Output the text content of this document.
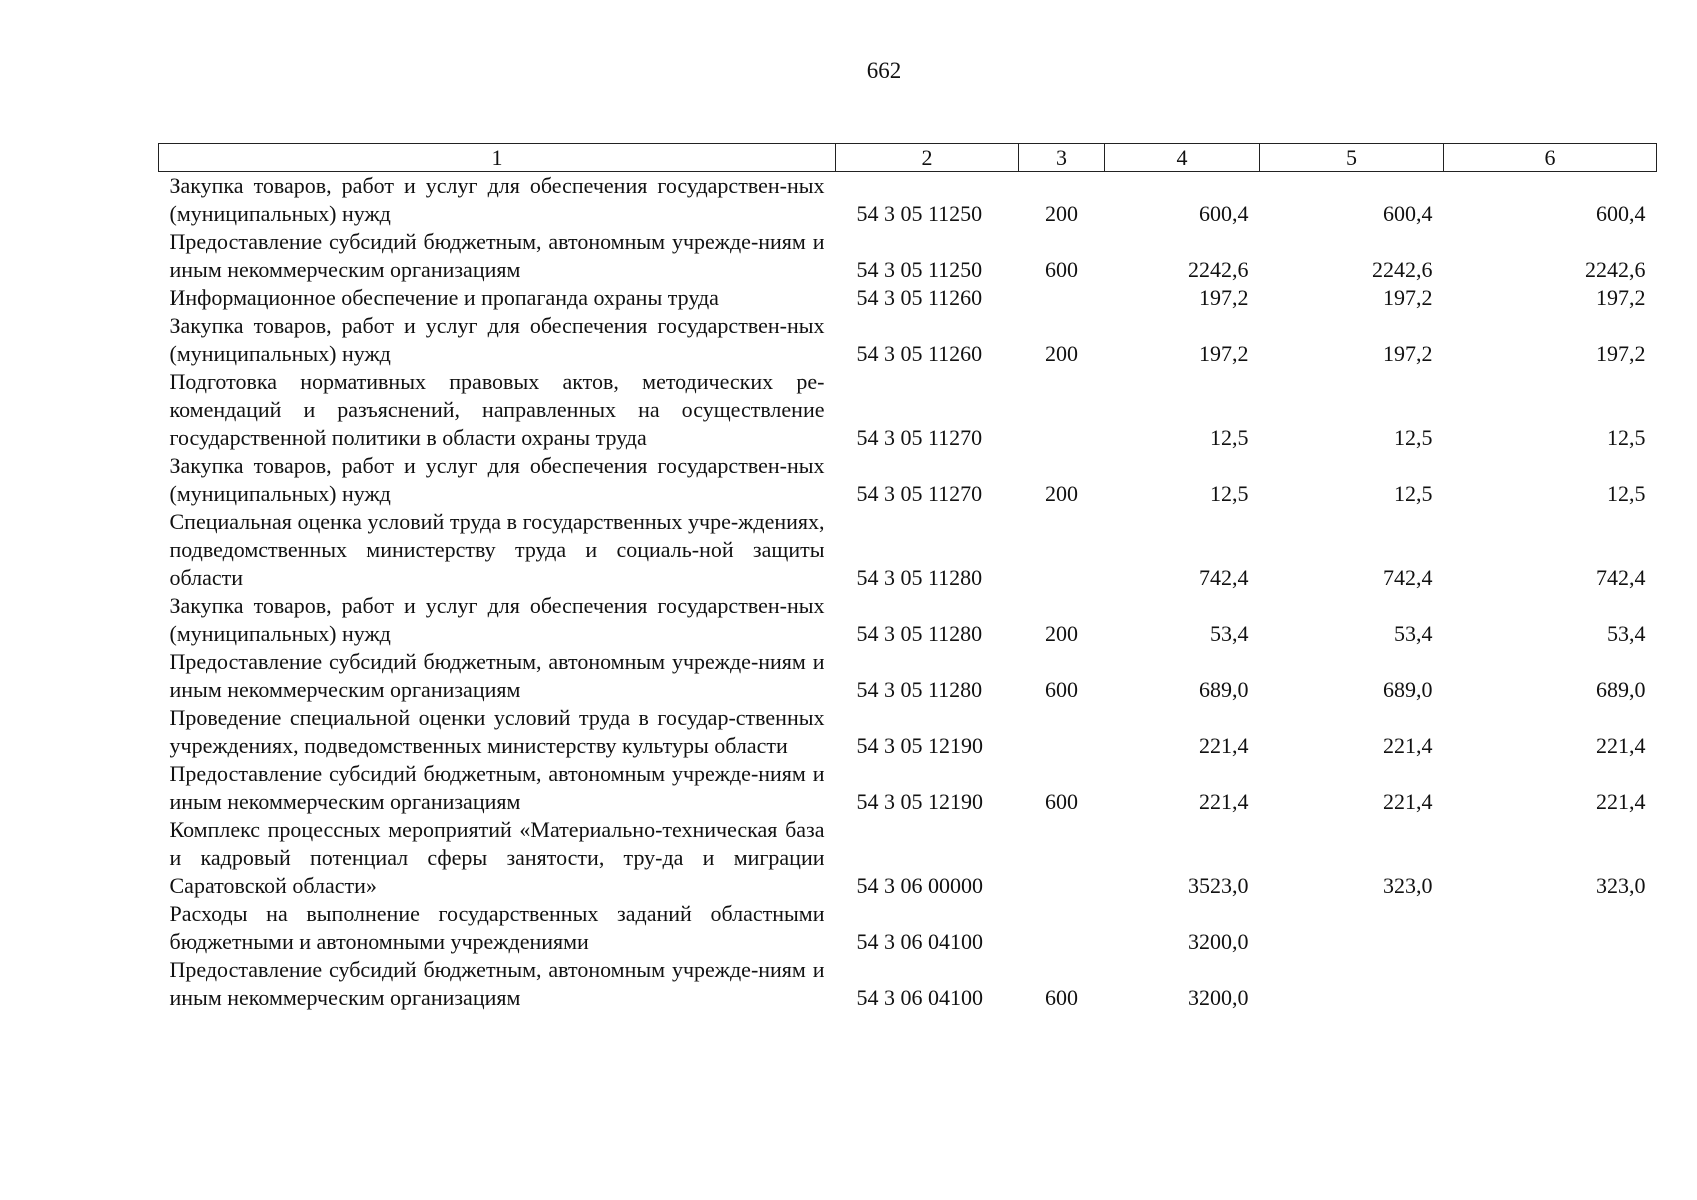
662
1	2	3	4	5	6
Закупка товаров, работ и услуг для обеспечения государствен-ных (муниципальных) нужд	54 3 05 11250	200	600,4	600,4	600,4
Предоставление субсидий бюджетным, автономным учрежде-ниям и иным некоммерческим организациям	54 3 05 11250	600	2242,6	2242,6	2242,6
Информационное обеспечение и пропаганда охраны труда	54 3 05 11260		197,2	197,2	197,2
Закупка товаров, работ и услуг для обеспечения государствен-ных (муниципальных) нужд	54 3 05 11260	200	197,2	197,2	197,2
Подготовка нормативных правовых актов, методических ре-комендаций и разъяснений, направленных на осуществление государственной политики в области охраны труда	54 3 05 11270		12,5	12,5	12,5
Закупка товаров, работ и услуг для обеспечения государствен-ных (муниципальных) нужд	54 3 05 11270	200	12,5	12,5	12,5
Специальная оценка условий труда в государственных учре-ждениях, подведомственных министерству труда и социаль-ной защиты области	54 3 05 11280		742,4	742,4	742,4
Закупка товаров, работ и услуг для обеспечения государствен-ных (муниципальных) нужд	54 3 05 11280	200	53,4	53,4	53,4
Предоставление субсидий бюджетным, автономным учрежде-ниям и иным некоммерческим организациям	54 3 05 11280	600	689,0	689,0	689,0
Проведение специальной оценки условий труда в государ-ственных учреждениях, подведомственных министерству культуры области	54 3 05 12190		221,4	221,4	221,4
Предоставление субсидий бюджетным, автономным учрежде-ниям и иным некоммерческим организациям	54 3 05 12190	600	221,4	221,4	221,4
Комплекс процессных мероприятий «Материально-техническая база и кадровый потенциал сферы занятости, тру-да и миграции Саратовской области»	54 3 06 00000		3523,0	323,0	323,0
Расходы на выполнение государственных заданий областными бюджетными и автономными учреждениями	54 3 06 04100		3200,0		
Предоставление субсидий бюджетным, автономным учрежде-ниям и иным некоммерческим организациям	54 3 06 04100	600	3200,0		
